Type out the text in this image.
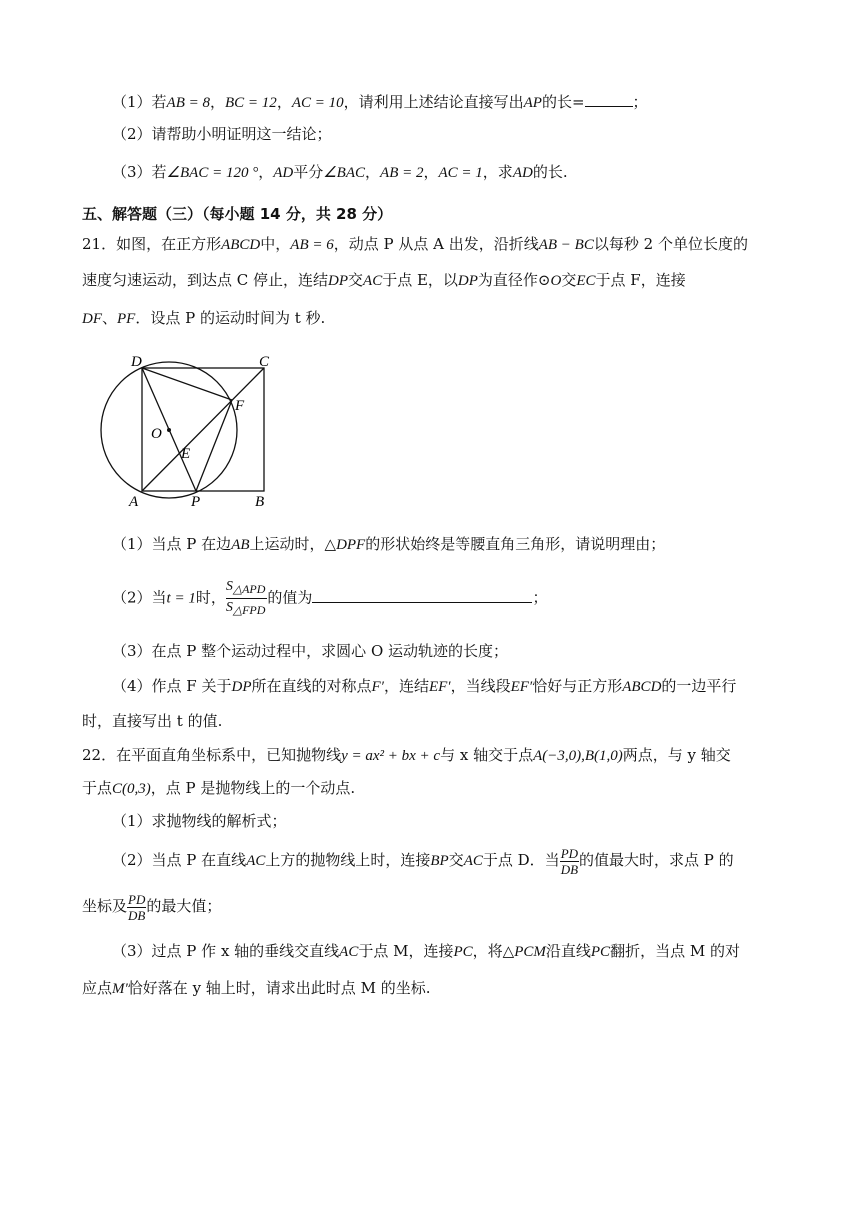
（1）若AB = 8，BC = 12，AC = 10，请利用上述结论直接写出AP的长=	；
（2）请帮助小明证明这一结论；
（3）若∠BAC = 120 °，AD平分∠BAC，AB = 2，AC = 1，求AD的长.
五、解答题（三）（每小题 14 分，共 28 分）
21．如图，在正方形ABCD中，AB = 6，动点 P 从点 A 出发，沿折线AB − BC以每秒 2 个单位长度的
速度匀速运动，到达点 C 停止，连结DP交AC于点 E，以DP为直径作⊙O交EC于点 F，连接
DF、PF．设点 P 的运动时间为 t 秒.
D	C
F
O
E
A	P	B
（1）当点 P 在边AB上运动时，△DPF的形状始终是等腰直角三角形，请说明理由；
（2）当t = 1时， $\frac{S_{\triangle APD}}{S_{\triangle FPD}}$ 的值为	；
（3）在点 P 整个运动过程中，求圆心 O 运动轨迹的长度；
（4）作点 F 关于DP所在直线的对称点F′，连结EF′，当线段EF′恰好与正方形ABCD的一边平行
时，直接写出 t 的值.
22．在平面直角坐标系中，已知抛物线y = ax² + bx + c与 x 轴交于点A(−3,0),B(1,0)两点，与 y 轴交
于点C(0,3)，点 P 是抛物线上的一个动点.
（1）求抛物线的解析式；
（2）当点 P 在直线AC上方的抛物线上时，连接BP交AC于点 D．当 $\frac{PD}{DB}$ 的值最大时，求点 P 的
坐标及 $\frac{PD}{DB}$ 的最大值；
（3）过点 P 作 x 轴的垂线交直线AC于点 M，连接PC，将△PCM沿直线PC翻折，当点 M 的对
应点M′恰好落在 y 轴上时，请求出此时点 M 的坐标.
